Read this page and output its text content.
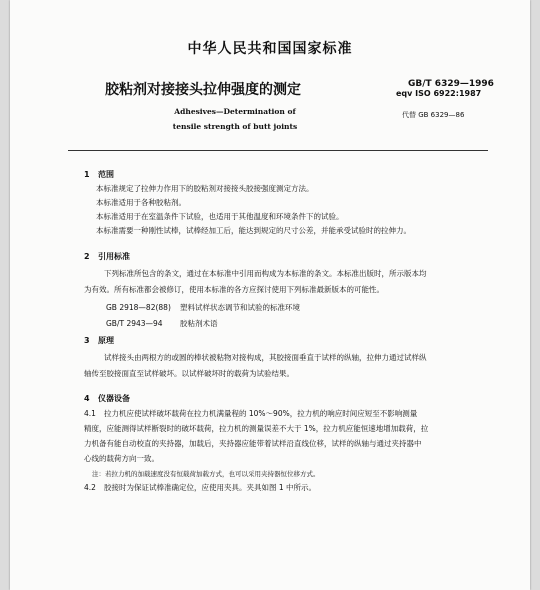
中华人民共和国国家标准
胶粘剂对接接头拉伸强度的测定	GB/T 6329—1996
eqv ISO 6922:1987
Adhesives—Determination of
tensile strength of butt joints
代替 GB 6329—86
1 范围
本标准规定了拉伸力作用下的胶粘剂对接接头胶接强度测定方法。
本标准适用于各种胶粘剂。
本标准适用于在室温条件下试验，也适用于其他温度和环境条件下的试验。
本标准需要一种刚性试棒，试棒经加工后，能达到规定的尺寸公差，并能承受试验时的拉伸力。
2 引用标准
下列标准所包含的条文，通过在本标准中引用而构成为本标准的条文。本标准出版时，所示版本均
为有效。所有标准都会被修订，使用本标准的各方应探讨使用下列标准最新版本的可能性。
GB 2918—82(88) 塑料试样状态调节和试验的标准环境
GB/T 2943—94 胶粘剂术语
3 原理
试样接头由两根方的或圆的棒状被粘物对接构成，其胶接面垂直于试样的纵轴，拉伸力通过试样纵
轴传至胶接面直至试样破坏。以试样破坏时的载荷为试验结果。
4 仪器设备
4.1 拉力机应使试样破坏载荷在拉力机满量程的 10%～90%，拉力机的响应时间应短至不影响测量
精度，应能测得试样断裂时的破坏载荷，拉力机的测量误差不大于 1%，拉力机应能恒速地增加载荷，拉
力机备有能自动校直的夹持器，加载后，夹持器应能带着试样沿直线位移，试样的纵轴与通过夹持器中
心线的载荷方向一致。
注：若拉力机的加载速度没有恒载荷加载方式，也可以采用夹持器恒位移方式。
4.2 胶接时为保证试棒准确定位，应使用夹具。夹具如图 1 中所示。
